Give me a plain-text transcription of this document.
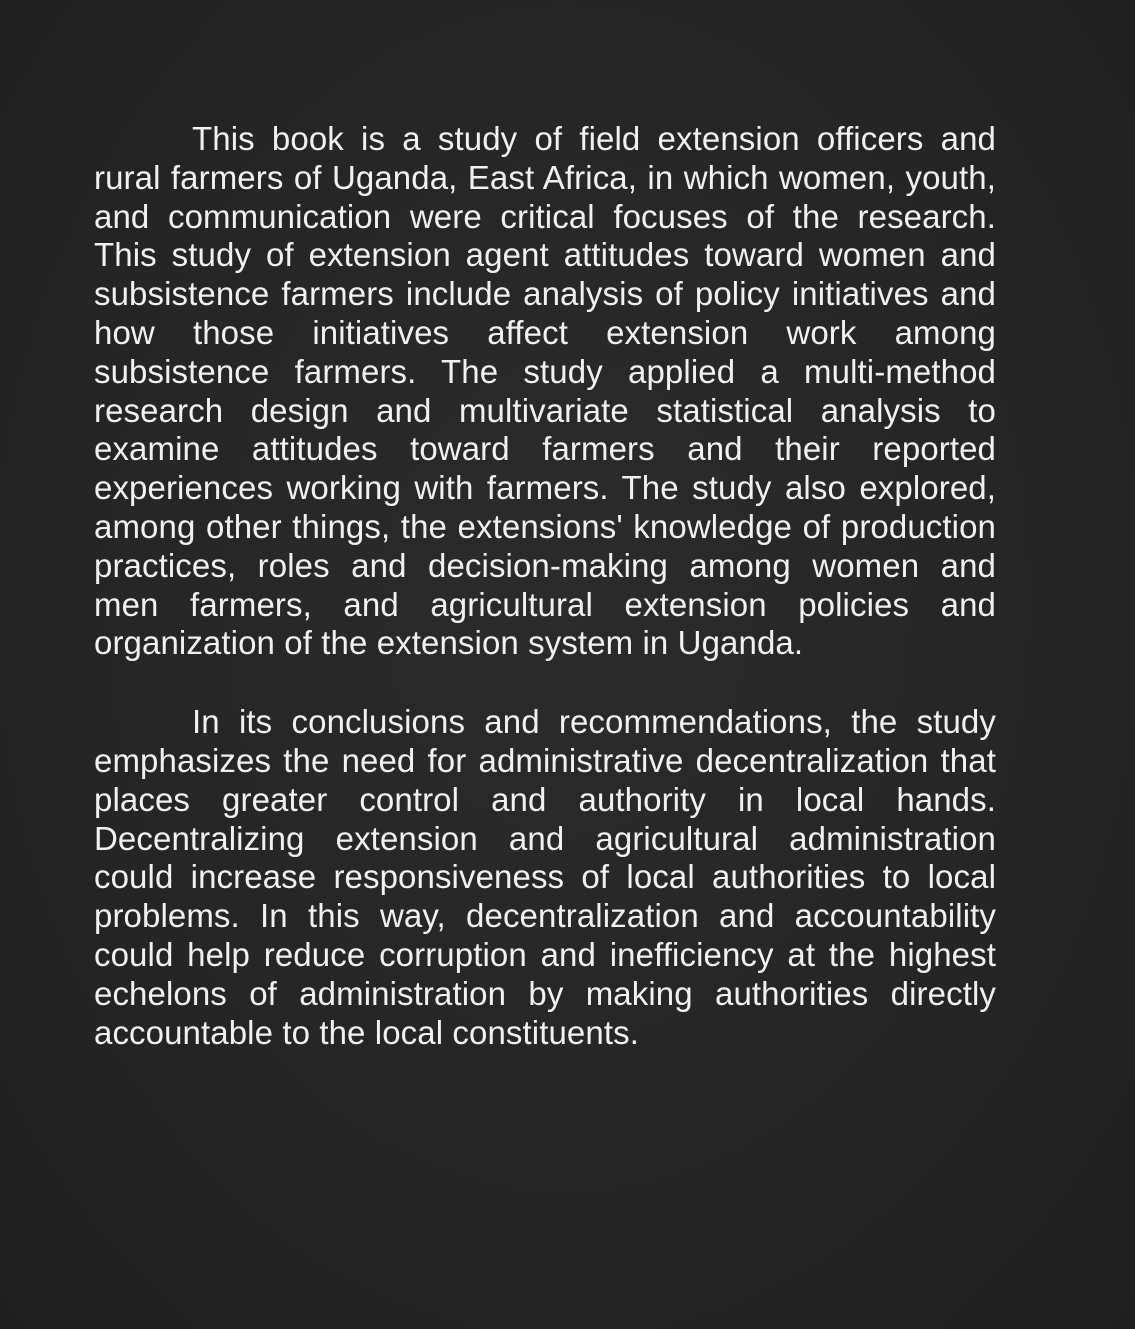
This book is a study of field extension officers and rural farmers of Uganda, East Africa, in which women, youth, and communication were critical focuses of the research. This study of extension agent attitudes toward women and subsistence farmers include analysis of policy initiatives and how those initiatives affect extension work among subsistence farmers. The study applied a multi-method research design and multivariate statistical analysis to examine attitudes toward farmers and their reported experiences working with farmers. The study also explored, among other things, the extensions' knowledge of production practices, roles and decision-making among women and men farmers, and agricultural extension policies and organization of the extension system in Uganda.

In its conclusions and recommendations, the study emphasizes the need for administrative decentralization that places greater control and authority in local hands. Decentralizing extension and agricultural administration could increase responsiveness of local authorities to local problems. In this way, decentralization and accountability could help reduce corruption and inefficiency at the highest echelons of administration by making authorities directly accountable to the local constituents.
